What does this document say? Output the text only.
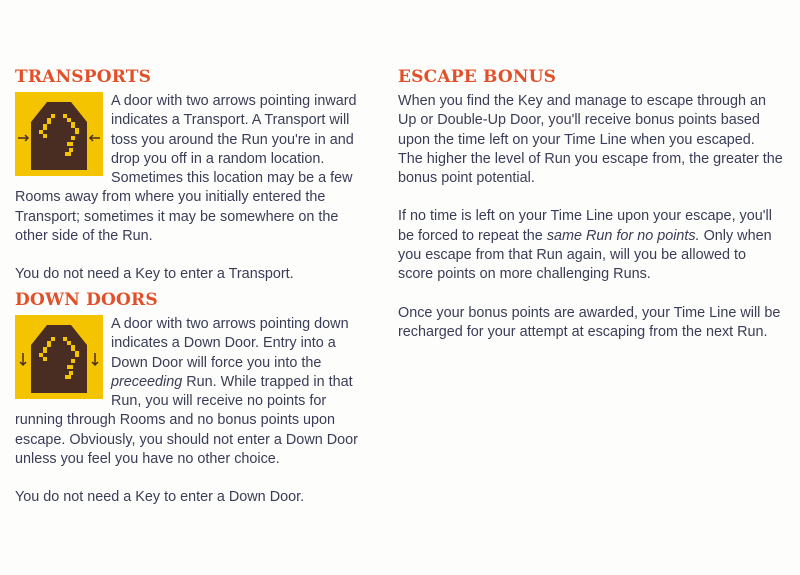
TRANSPORTS

A door with two arrows pointing inward indicates a Transport. A Transport will toss you around the Run you're in and drop you off in a random location. Sometimes this location may be a few Rooms away from where you initially entered the Transport; sometimes it may be somewhere on the other side of the Run.

You do not need a Key to enter a Transport.

DOWN DOORS

A door with two arrows pointing down indicates a Down Door. Entry into a Down Door will force you into the preceeding Run. While trapped in that Run, you will receive no points for running through Rooms and no bonus points upon escape. Obviously, you should not enter a Down Door unless you feel you have no other choice.

You do not need a Key to enter a Down Door.

ESCAPE BONUS

When you find the Key and manage to escape through an Up or Double-Up Door, you'll receive bonus points based upon the time left on your Time Line when you escaped. The higher the level of Run you escape from, the greater the bonus point potential.

If no time is left on your Time Line upon your escape, you'll be forced to repeat the same Run for no points. Only when you escape from that Run again, will you be allowed to score points on more challenging Runs.

Once your bonus points are awarded, your Time Line will be recharged for your attempt at escaping from the next Run.
